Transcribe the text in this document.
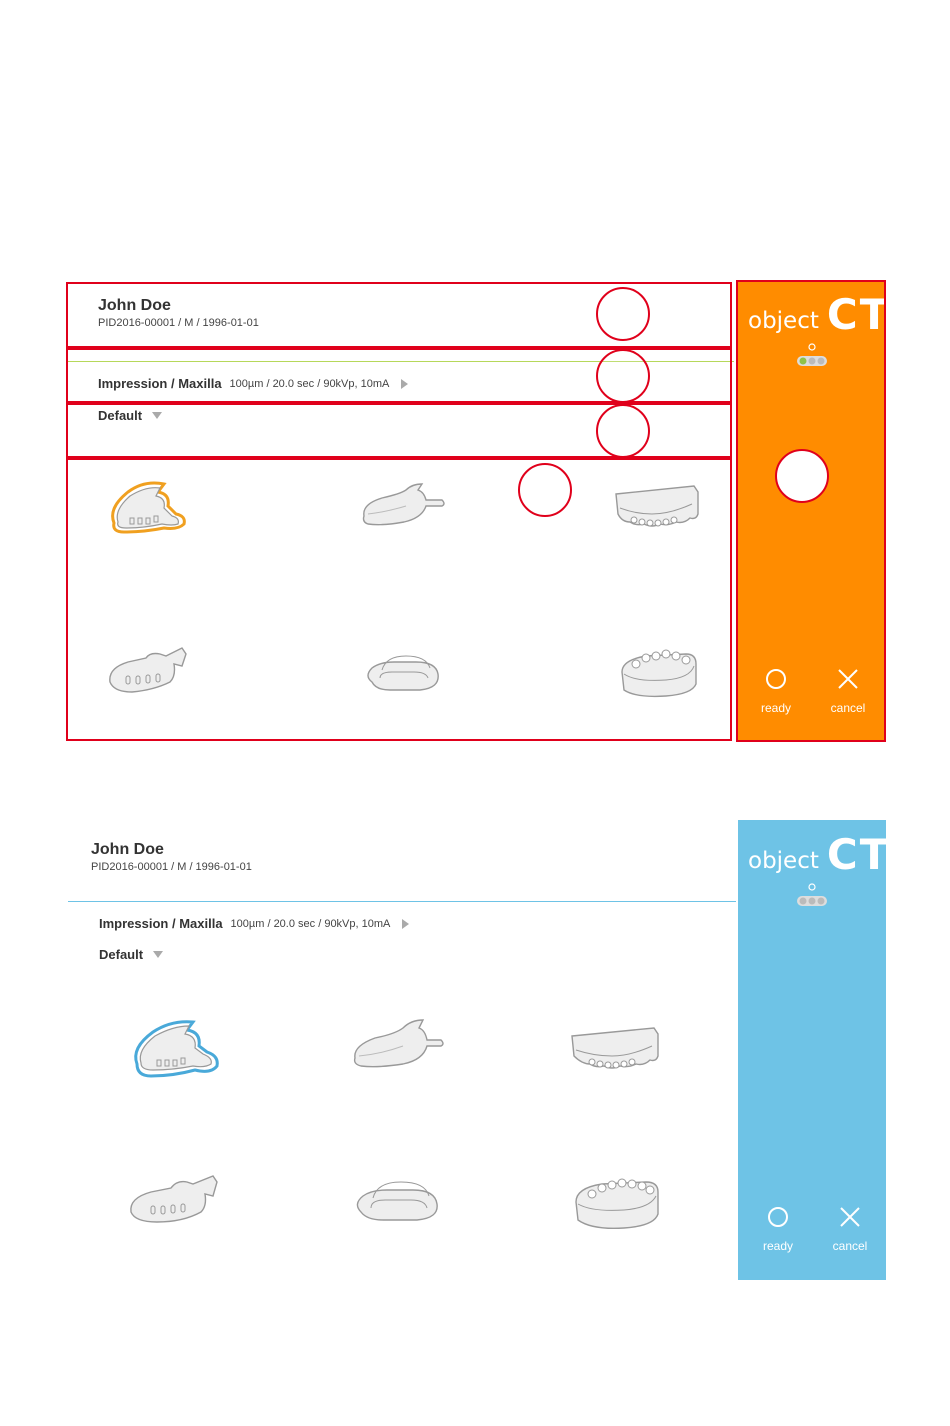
John Doe
PID2016-00001 / M / 1996-01-01
Impression / Maxilla 100µm / 20.0 sec / 90kVp, 10mA
Default
object CT
ready	cancel
John Doe
PID2016-00001 / M / 1996-01-01
Impression / Maxilla 100µm / 20.0 sec / 90kVp, 10mA
Default
object CT
ready	cancel
